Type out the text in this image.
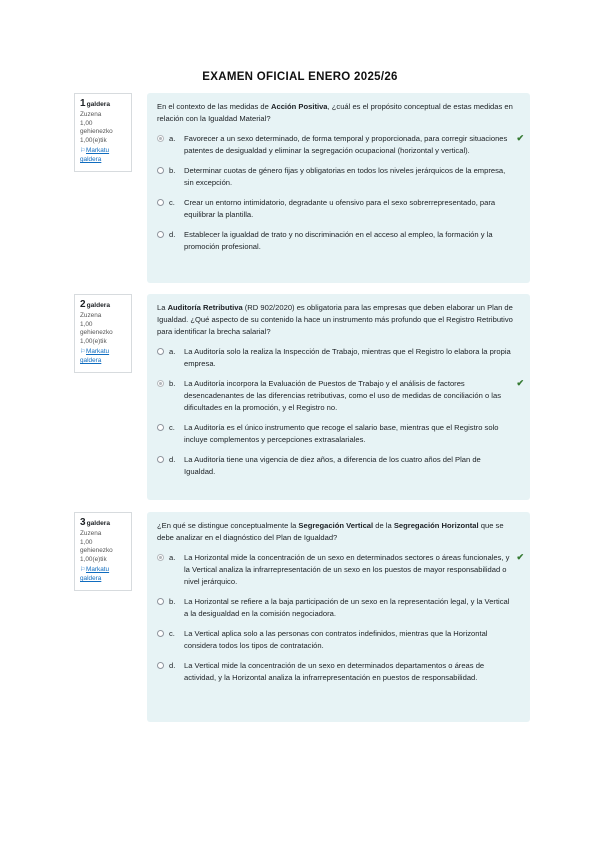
EXAMEN OFICIAL ENERO 2025/26
1galdera
Zuzena
1,00 gehienezko
1,00(e)tik
⚐Markatu galdera
En el contexto de las medidas de Acción Positiva, ¿cuál es el propósito conceptual de estas medidas en relación con la Igualdad Material?
a.	Favorecer a un sexo determinado, de forma temporal y proporcionada, para corregir situaciones patentes de desigualdad y eliminar la segregación ocupacional (horizontal y vertical).
✔
b.	Determinar cuotas de género fijas y obligatorias en todos los niveles jerárquicos de la empresa, sin excepción.
c.	Crear un entorno intimidatorio, degradante u ofensivo para el sexo sobrerrepresentado, para equilibrar la plantilla.
d.	Establecer la igualdad de trato y no discriminación en el acceso al empleo, la formación y la promoción profesional.
2galdera
Zuzena
1,00 gehienezko
1,00(e)tik
⚐Markatu galdera
La Auditoría Retributiva (RD 902/2020) es obligatoria para las empresas que deben elaborar un Plan de Igualdad. ¿Qué aspecto de su contenido la hace un instrumento más profundo que el Registro Retributivo para identificar la brecha salarial?
a.	La Auditoría solo la realiza la Inspección de Trabajo, mientras que el Registro lo elabora la propia empresa.
b.	La Auditoría incorpora la Evaluación de Puestos de Trabajo y el análisis de factores desencadenantes de las diferencias retributivas, como el uso de medidas de conciliación o las dificultades en la promoción, y el Registro no.
✔
c.	La Auditoría es el único instrumento que recoge el salario base, mientras que el Registro solo incluye complementos y percepciones extrasalariales.
d.	La Auditoría tiene una vigencia de diez años, a diferencia de los cuatro años del Plan de Igualdad.
3galdera
Zuzena
1,00 gehienezko
1,00(e)tik
⚐Markatu galdera
¿En qué se distingue conceptualmente la Segregación Vertical de la Segregación Horizontal que se debe analizar en el diagnóstico del Plan de Igualdad?
a.	La Horizontal mide la concentración de un sexo en determinados sectores o áreas funcionales, y la Vertical analiza la infrarrepresentación de un sexo en los puestos de mayor responsabilidad o nivel jerárquico.
✔
b.	La Horizontal se refiere a la baja participación de un sexo en la representación legal, y la Vertical a la desigualdad en la comisión negociadora.
c.	La Vertical aplica solo a las personas con contratos indefinidos, mientras que la Horizontal considera todos los tipos de contratación.
d.	La Vertical mide la concentración de un sexo en determinados departamentos o áreas de actividad, y la Horizontal analiza la infrarrepresentación en puestos de responsabilidad.
